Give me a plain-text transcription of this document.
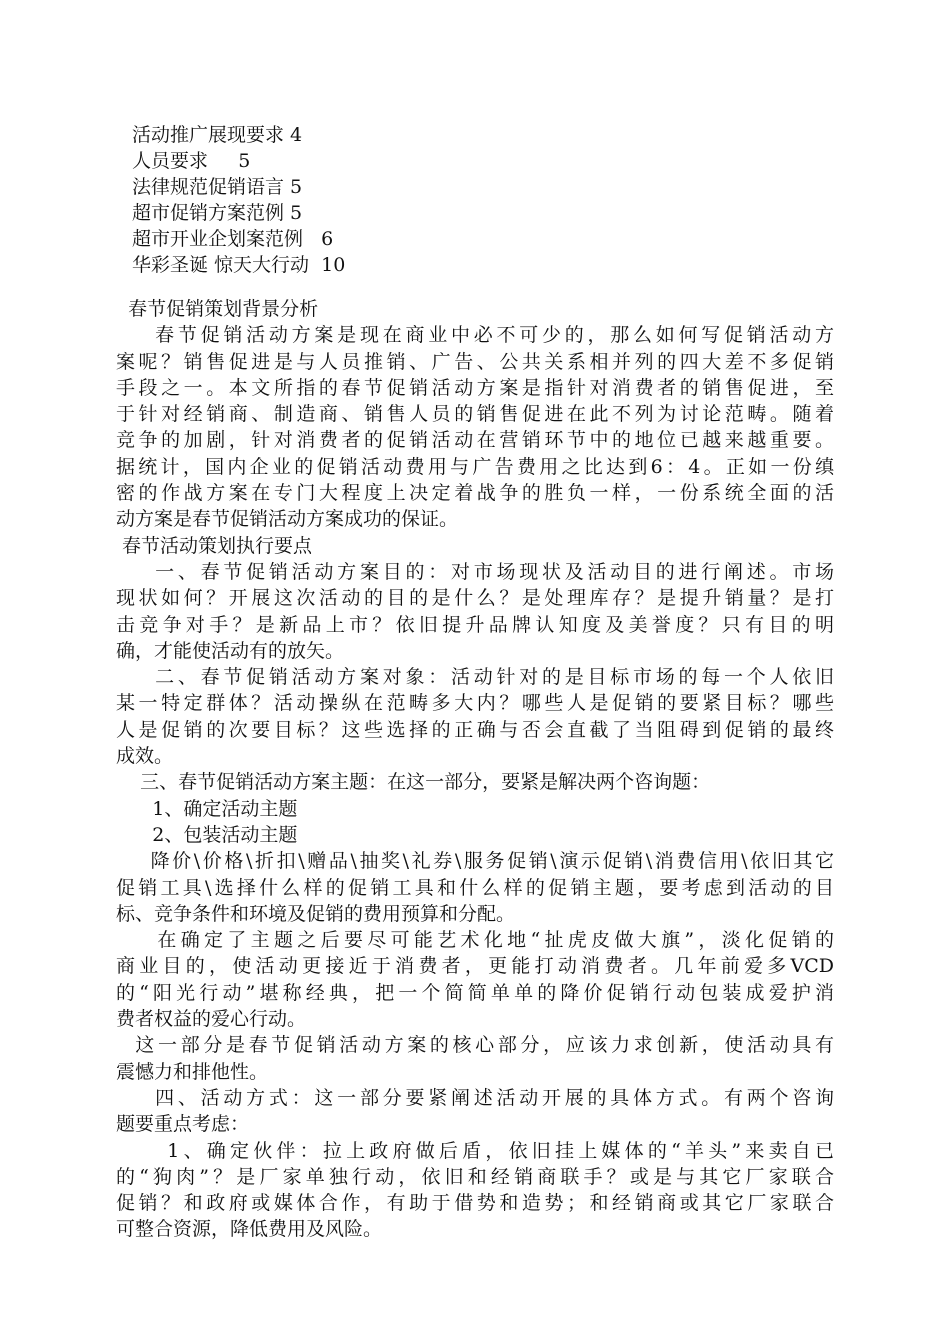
活动推广展现要求 4
人员要求     5
法律规范促销语言 5
超市促销方案范例 5
超市开业企划案范例   6
华彩圣诞 惊天大行动  10
春节促销策划背景分析
春节促销活动方案是现在商业中必不可少的，那么如何写促销活动方
案呢？销售促进是与人员推销、广告、公共关系相并列的四大差不多促销
手段之一。本文所指的春节促销活动方案是指针对消费者的销售促进，至
于针对经销商、制造商、销售人员的销售促进在此不列为讨论范畴。随着
竞争的加剧，针对消费者的促销活动在营销环节中的地位已越来越重要。
据统计，国内企业的促销活动费用与广告费用之比达到6：4。正如一份缜
密的作战方案在专门大程度上决定着战争的胜负一样，一份系统全面的活
动方案是春节促销活动方案成功的保证。
春节活动策划执行要点
一、春节促销活动方案目的：对市场现状及活动目的进行阐述。市场
现状如何？开展这次活动的目的是什么？是处理库存？是提升销量？是打
击竞争对手？是新品上市？依旧提升品牌认知度及美誉度？只有目的明
确，才能使活动有的放矢。
二、春节促销活动方案对象：活动针对的是目标市场的每一个人依旧
某一特定群体？活动操纵在范畴多大内？哪些人是促销的要紧目标？哪些
人是促销的次要目标？这些选择的正确与否会直截了当阻碍到促销的最终
成效。
三、春节促销活动方案主题：在这一部分，要紧是解决两个咨询题：
1、确定活动主题
2、包装活动主题
降价\价格\折扣\赠品\抽奖\礼券\服务促销\演示促销\消费信用\依旧其它
促销工具\选择什么样的促销工具和什么样的促销主题，要考虑到活动的目
标、竞争条件和环境及促销的费用预算和分配。
在确定了主题之后要尽可能艺术化地“扯虎皮做大旗”，淡化促销的
商业目的，使活动更接近于消费者，更能打动消费者。几年前爱多VCD
的“阳光行动”堪称经典，把一个简简单单的降价促销行动包装成爱护消
费者权益的爱心行动。
这一部分是春节促销活动方案的核心部分，应该力求创新，使活动具有
震憾力和排他性。
四、活动方式：这一部分要紧阐述活动开展的具体方式。有两个咨询
题要重点考虑：
1、确定伙伴：拉上政府做后盾，依旧挂上媒体的“羊头”来卖自已
的“狗肉”？是厂家单独行动，依旧和经销商联手？或是与其它厂家联合
促销？和政府或媒体合作，有助于借势和造势；和经销商或其它厂家联合
可整合资源，降低费用及风险。
